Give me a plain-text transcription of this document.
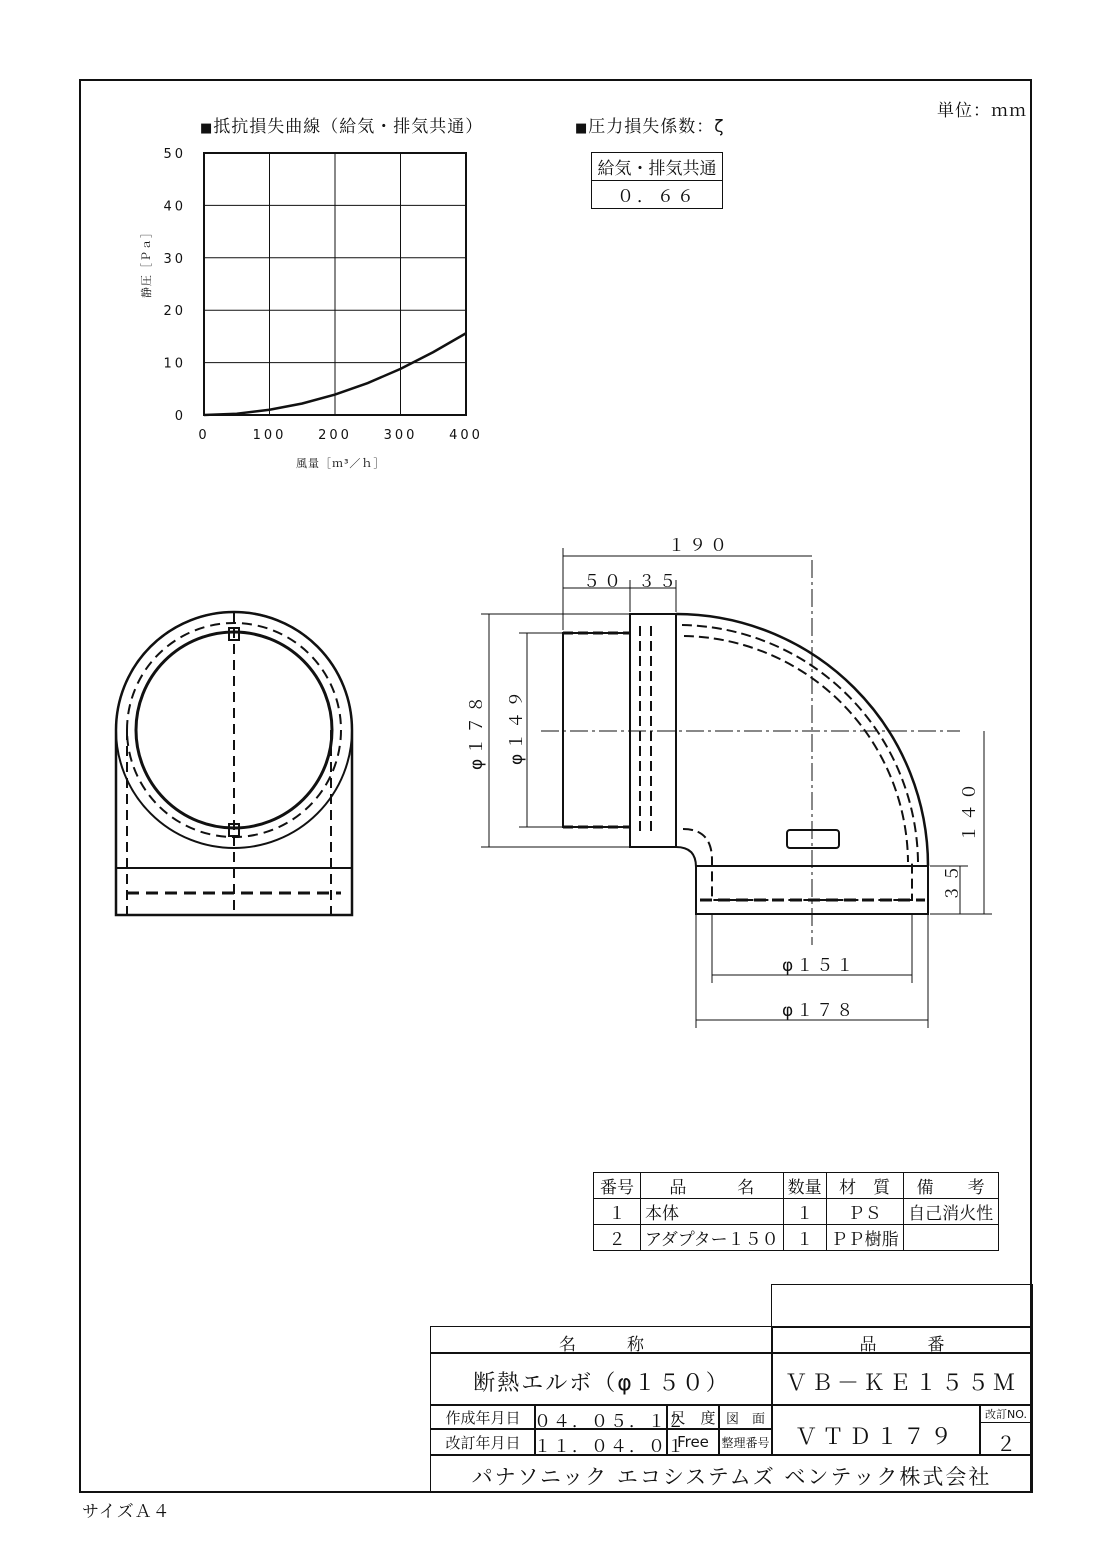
単位：ｍｍ
■抵抗損失曲線（給気・排気共通）	■圧力損失係数：ζ
給気・排気共通
０．６６
0	100 200 300 400
0
10
20
30
40
50
静圧［Ｐａ］
風量［ｍ³／ｈ］
１９０
５０ ３５
φ１７８ φ１４９
１４０
３５
φ１５１
φ１７８
番号	品　　　名	数量	材　質	備　　考
１	本体	１	ＰＳ	自己消火性
２	アダプター１５０	１	ＰＰ樹脂	
名　　　称	品　　　番
断熱エルボ（φ１５０）	ＶＢ－ＫＥ１５５Ｍ
作成年月日 ０４．０５．１２
尺　度 図　面
改訂年月日 １１．０４．０１
Free	整理番号	ＶＴＤ１７９
改訂NO.
２
パナソニック エコシステムズ ベンテック株式会社
サイズＡ４
